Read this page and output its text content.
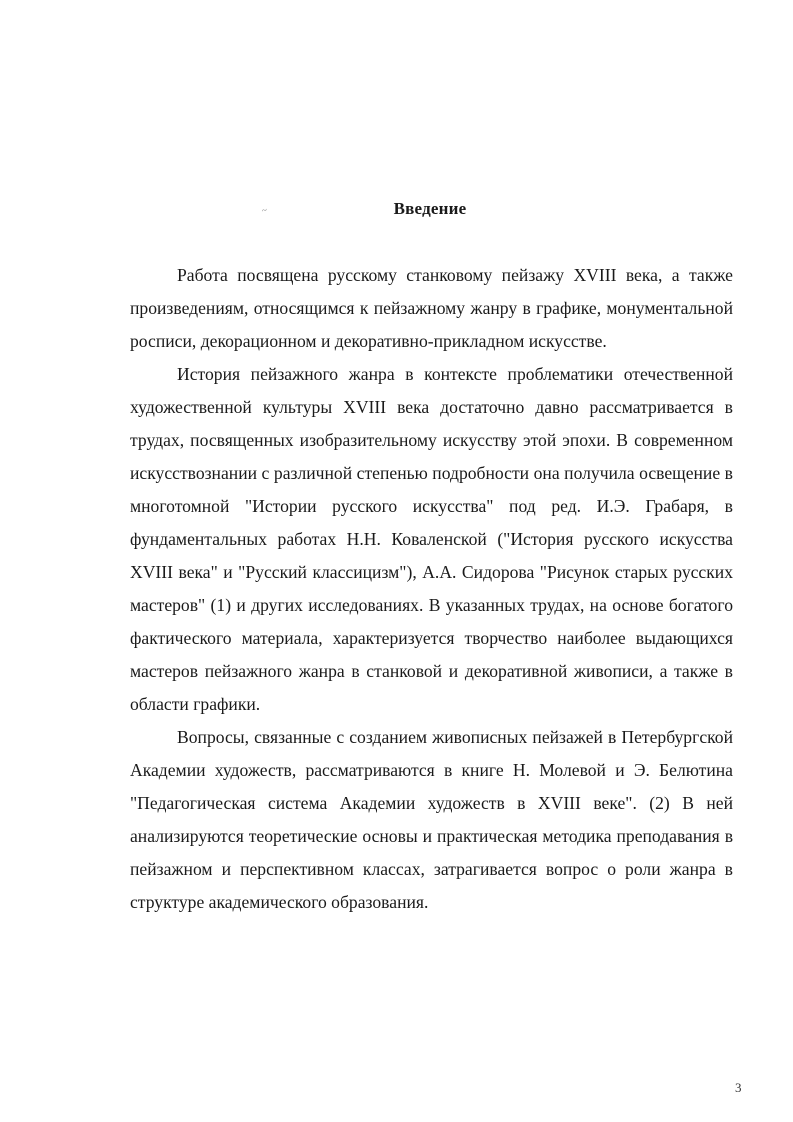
~	Введение

Работа посвящена русскому станковому пейзажу XVIII века, а также произведениям, относящимся к пейзажному жанру в графике, монументальной росписи, декорационном и декоративно-прикладном искусстве.

История пейзажного жанра в контексте проблематики отечественной художественной культуры XVIII века достаточно давно рассматривается в трудах, посвященных изобразительному искусству этой эпохи. В современном искусствознании с различной степенью подробности она получила освещение в многотомной "Истории русского искусства" под ред. И.Э. Грабаря, в фундаментальных работах Н.Н. Коваленской ("История русского искусства XVIII века" и "Русский классицизм"), А.А. Сидорова "Рисунок старых русских мастеров" (1) и других исследованиях. В указанных трудах, на основе богатого фактического материала, характеризуется творчество наиболее выдающихся мастеров пейзажного жанра в станковой и декоративной живописи, а также в области графики.

Вопросы, связанные с созданием живописных пейзажей в Петербургской Академии художеств, рассматриваются в книге Н. Молевой и Э. Белютина "Педагогическая система Академии художеств в XVIII веке". (2) В ней анализируются теоретические основы и практическая методика преподавания в пейзажном и перспективном классах, затрагивается вопрос о роли жанра в структуре академического образования.

3
